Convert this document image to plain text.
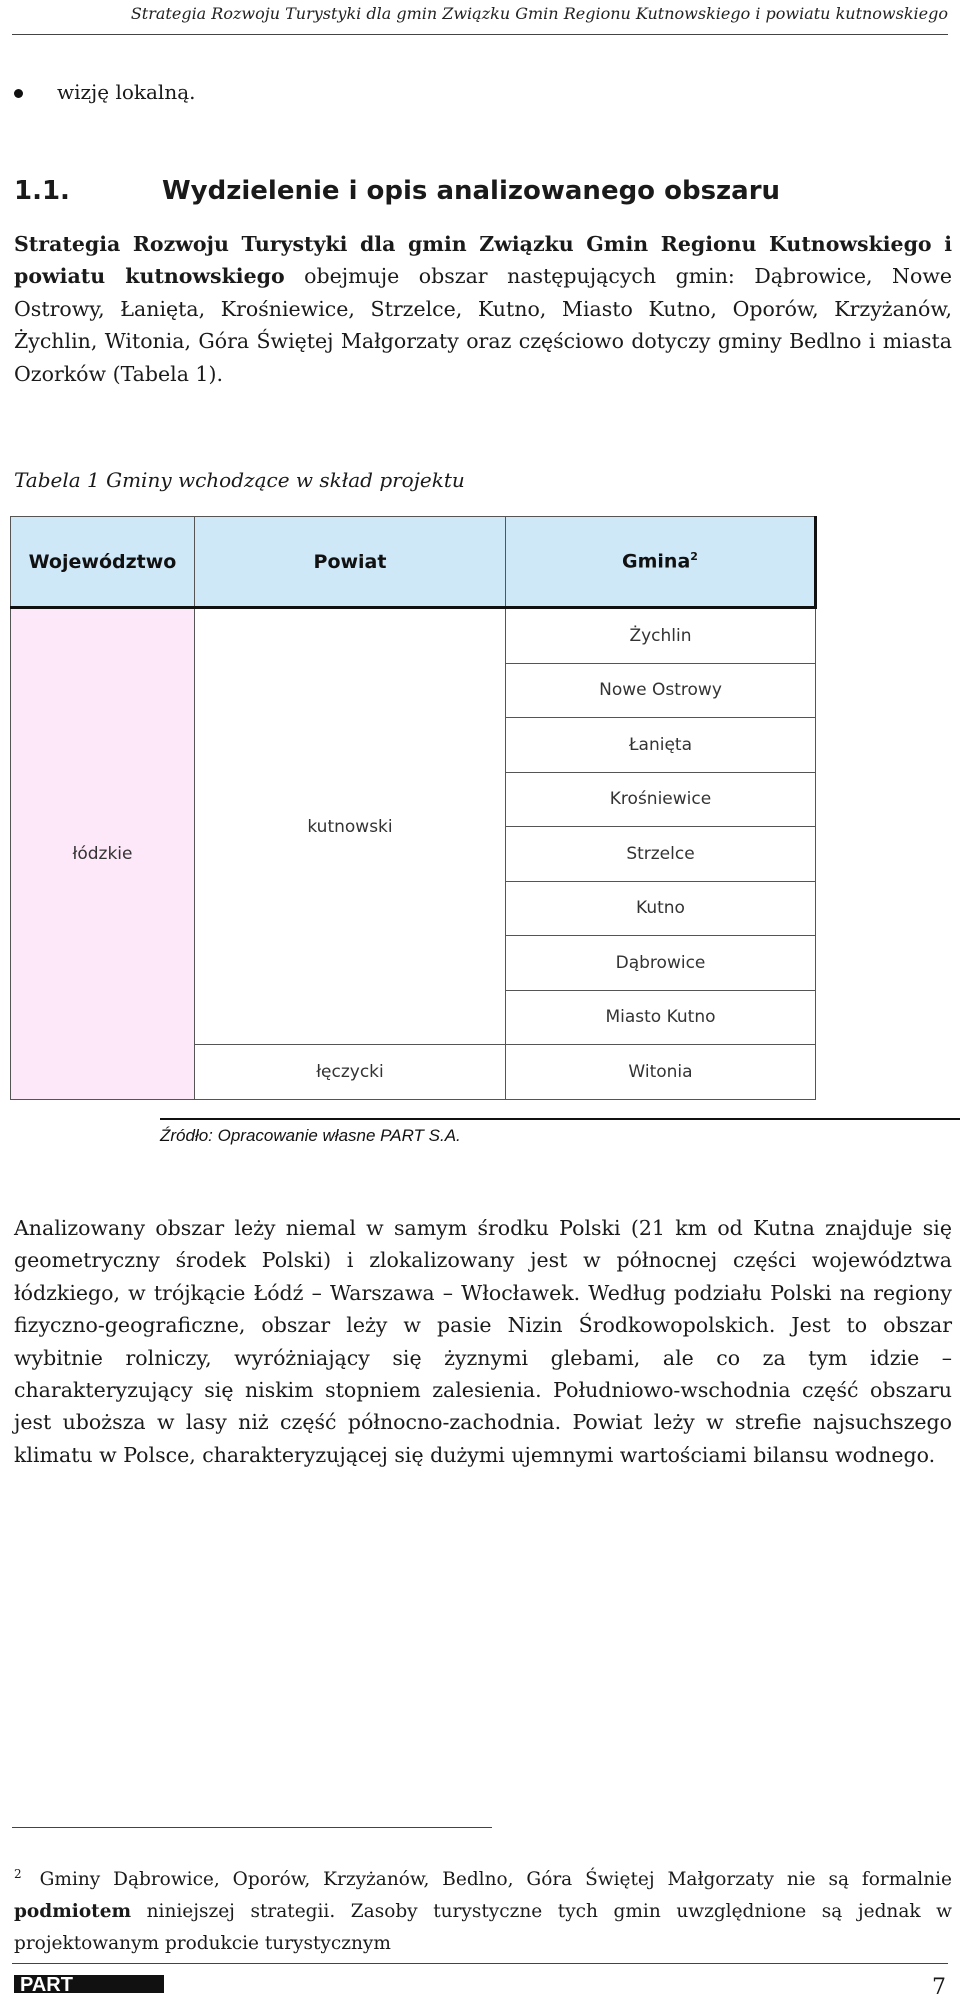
Strategia Rozwoju Turystyki dla gmin Związku Gmin Regionu Kutnowskiego i powiatu kutnowskiego
wizję lokalną.
1.1.	Wydzielenie i opis analizowanego obszaru

Strategia Rozwoju Turystyki dla gmin Związku Gmin Regionu Kutnowskiego i powiatu kutnowskiego obejmuje obszar następujących gmin: Dąbrowice, Nowe Ostrowy, Łanięta, Krośniewice, Strzelce, Kutno, Miasto Kutno, Oporów, Krzyżanów, Żychlin, Witonia, Góra Świętej Małgorzaty oraz częściowo dotyczy gminy Bedlno i miasta Ozorków (Tabela 1).

Tabela 1 Gminy wchodzące w skład projektu
Województwo	Powiat	Gmina$^2$
łódzkie	kutnowski	Żychlin
		Nowe Ostrowy
		Łanięta
		Krośniewice
		Strzelce
		Kutno
		Dąbrowice
		Miasto Kutno
	łęczycki	Witonia
Źródło: Opracowanie własne PART S.A.

Analizowany obszar leży niemal w samym środku Polski (21 km od Kutna znajduje się geometryczny środek Polski) i zlokalizowany jest w północnej części województwa łódzkiego, w trójkącie Łódź – Warszawa – Włocławek. Według podziału Polski na regiony fizyczno-geograficzne, obszar leży w pasie Nizin Środkowopolskich. Jest to obszar wybitnie rolniczy, wyróżniający się żyznymi glebami, ale co za tym idzie – charakteryzujący się niskim stopniem zalesienia. Południowo-wschodnia część obszaru jest uboższa w lasy niż część północno-zachodnia. Powiat leży w strefie najsuchszego klimatu w Polsce, charakteryzującej się dużymi ujemnymi wartościami bilansu wodnego.

$^2$ Gminy Dąbrowice, Oporów, Krzyżanów, Bedlno, Góra Świętej Małgorzaty nie są formalnie podmiotem niniejszej strategii. Zasoby turystyczne tych gmin uwzględnione są jednak w projektowanym produkcie turystycznym

PART	7
